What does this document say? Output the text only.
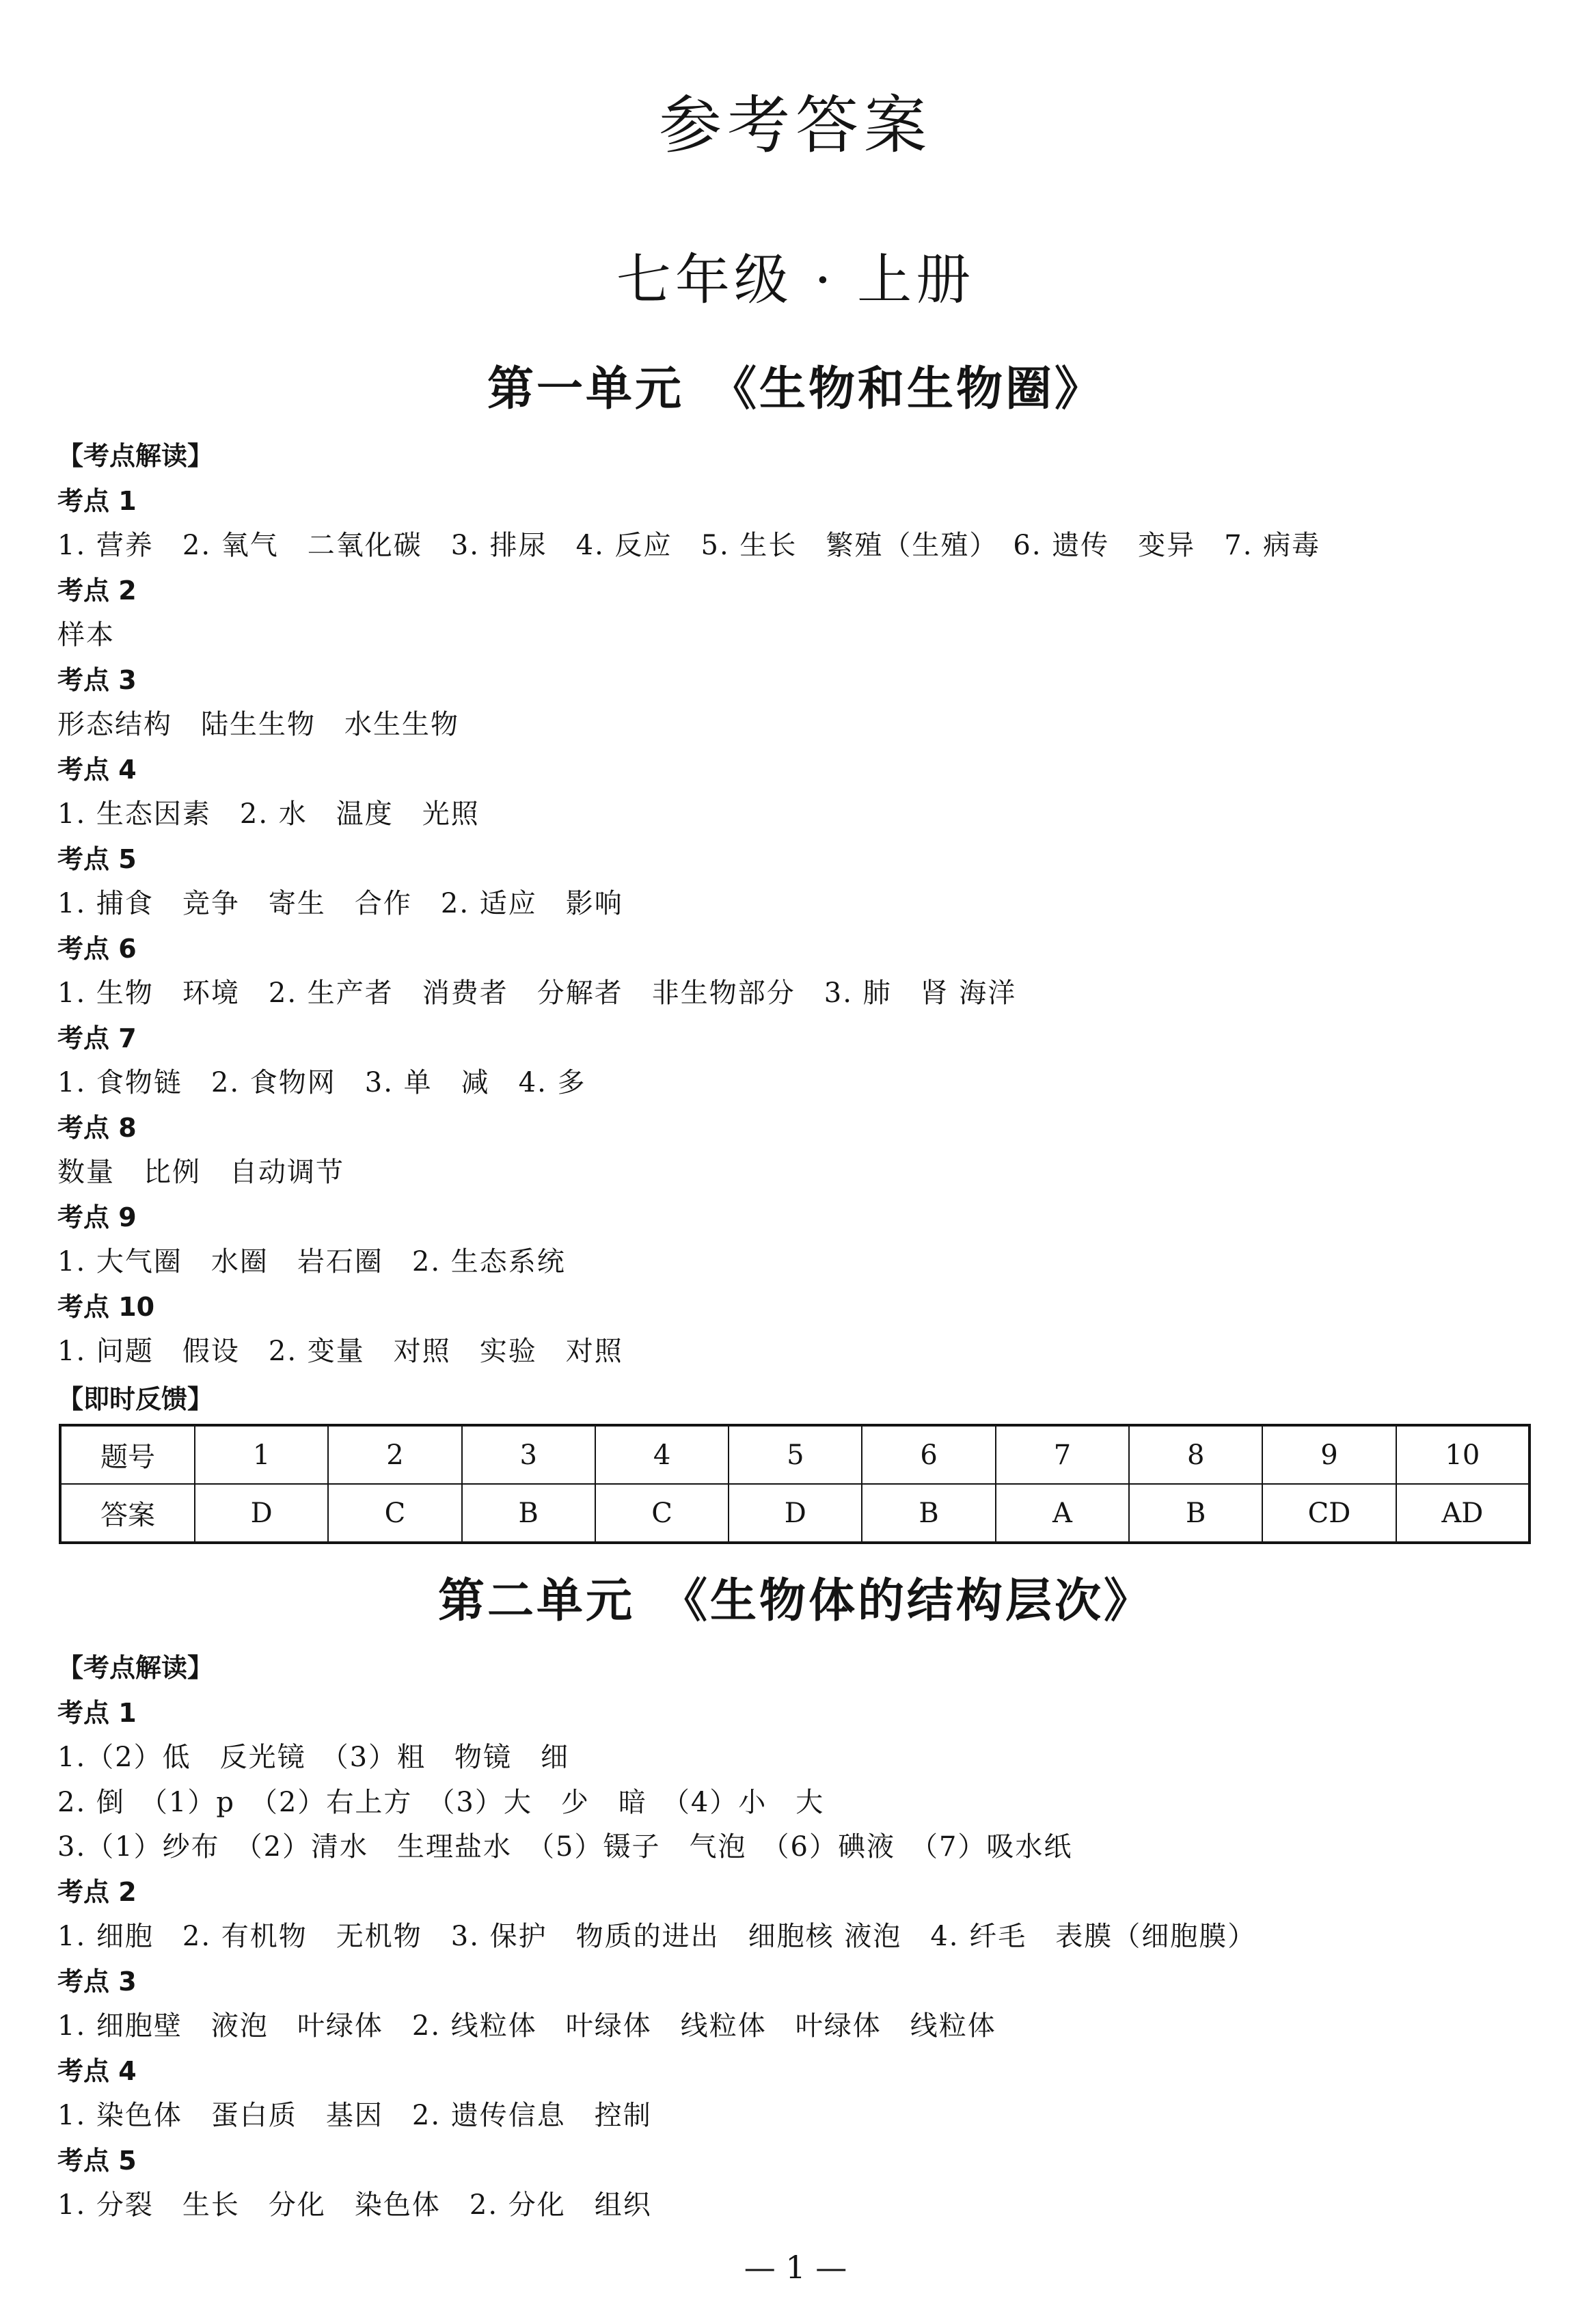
参考答案
七年级 · 上册
第一单元　《生物和生物圈》
【考点解读】
考点 1
1. 营养　2. 氧气　二氧化碳　3. 排尿　4. 反应　5. 生长　繁殖（生殖）　6. 遗传　变异　7. 病毒
考点 2
样本
考点 3
形态结构　陆生生物　水生生物
考点 4
1. 生态因素　2. 水　温度　光照
考点 5
1. 捕食　竞争　寄生　合作　2. 适应　影响
考点 6
1. 生物　环境　2. 生产者　消费者　分解者　非生物部分　3. 肺　肾 海洋
考点 7
1. 食物链　2. 食物网　3. 单　减　4. 多
考点 8
数量　比例　自动调节
考点 9
1. 大气圈　水圈　岩石圈　2. 生态系统
考点 10
1. 问题　假设　2. 变量　对照　实验　对照
【即时反馈】
题号	1	2	3	4	5	6	7	8	9	10
答案	D	C	B	C	D	B	A	B	CD	AD
第二单元　《生物体的结构层次》
【考点解读】
考点 1
1.（2）低　反光镜　（3）粗　物镜　细
2. 倒　（1）p　（2）右上方　（3）大　少　暗　（4）小　大
3.（1）纱布　（2）清水　生理盐水　（5）镊子　气泡　（6）碘液　（7）吸水纸
考点 2
1. 细胞　2. 有机物　无机物　3. 保护　物质的进出　细胞核 液泡　4. 纤毛　表膜（细胞膜）
考点 3
1. 细胞壁　液泡　叶绿体　2. 线粒体　叶绿体　线粒体　叶绿体　线粒体
考点 4
1. 染色体　蛋白质　基因　2. 遗传信息　控制
考点 5
1. 分裂　生长　分化　染色体　2. 分化　组织
— 1 —
